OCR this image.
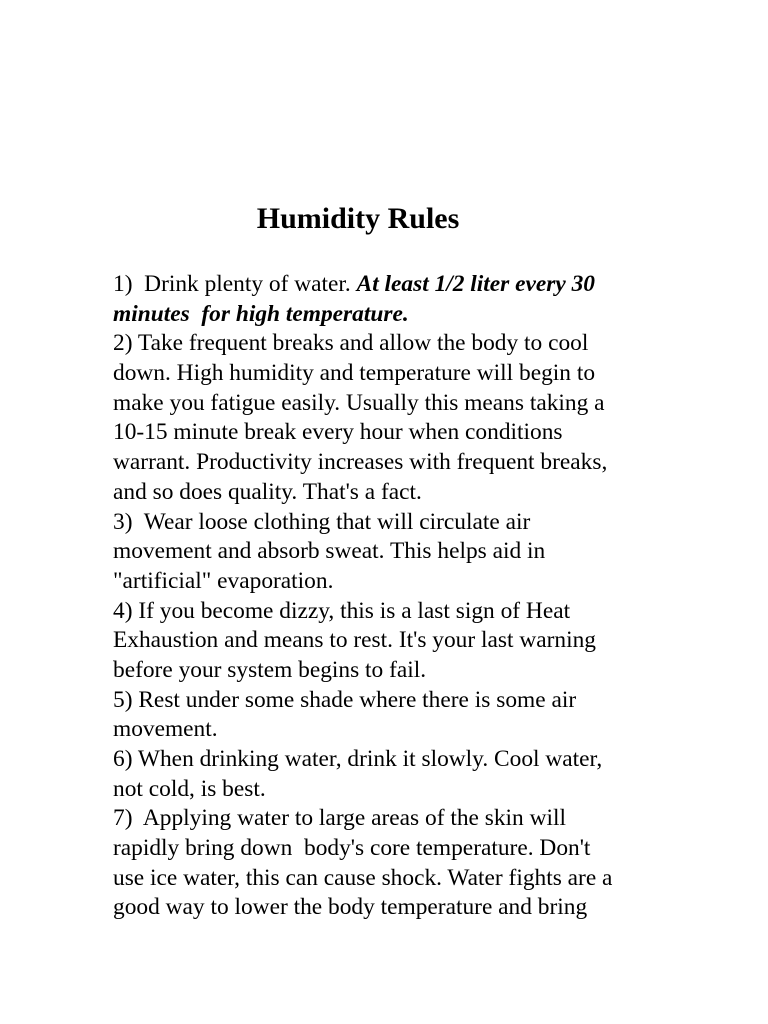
Humidity Rules
1)  Drink plenty of water. At least 1/2 liter every 30
minutes  for high temperature.
2) Take frequent breaks and allow the body to cool
down. High humidity and temperature will begin to
make you fatigue easily. Usually this means taking a
10-15 minute break every hour when conditions
warrant. Productivity increases with frequent breaks,
and so does quality. That's a fact.
3)  Wear loose clothing that will circulate air
movement and absorb sweat. This helps aid in
"artificial" evaporation.
4) If you become dizzy, this is a last sign of Heat
Exhaustion and means to rest. It's your last warning
before your system begins to fail.
5) Rest under some shade where there is some air
movement.
6) When drinking water, drink it slowly. Cool water,
not cold, is best.
7)  Applying water to large areas of the skin will
rapidly bring down  body's core temperature. Don't
use ice water, this can cause shock. Water fights are a
good way to lower the body temperature and bring
